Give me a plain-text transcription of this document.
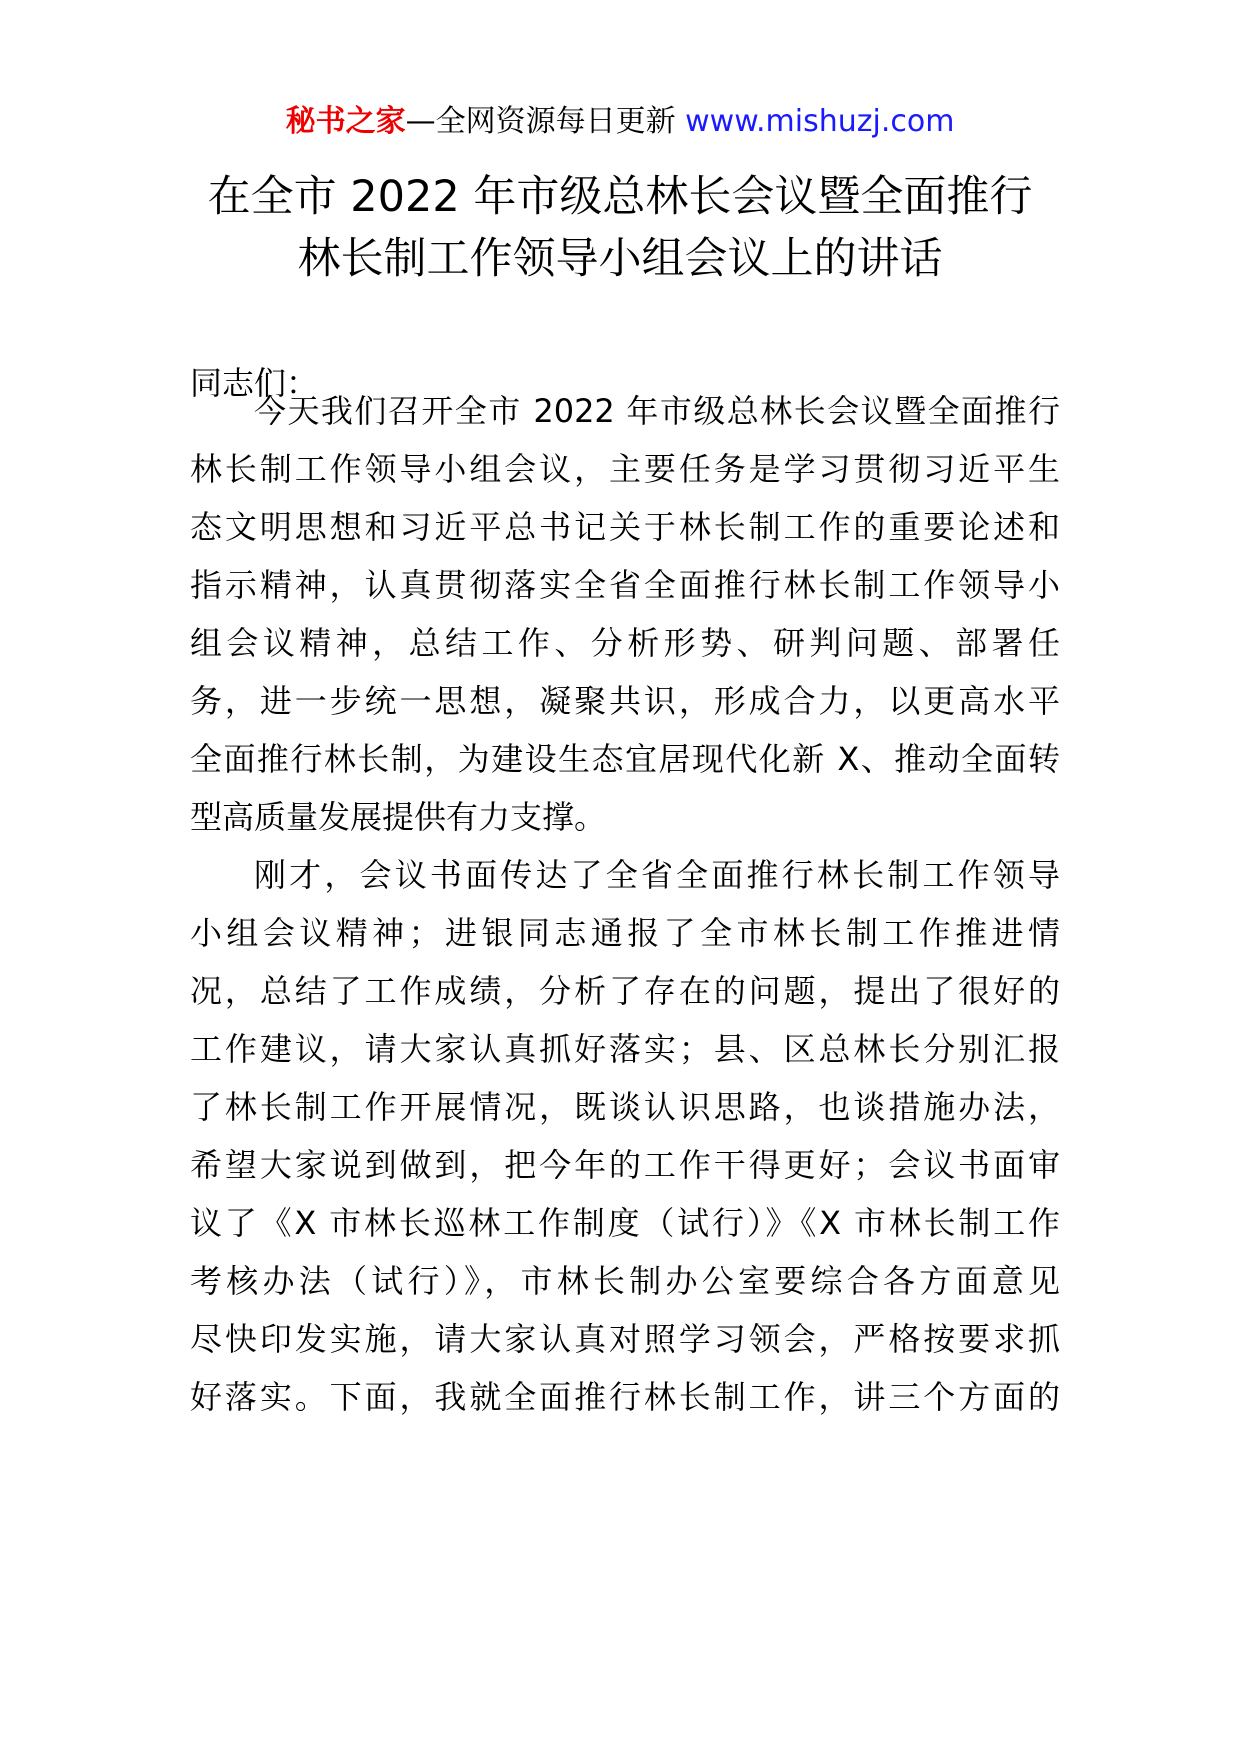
秘书之家—全网资源每日更新 www.mishuzj.com
在全市 2022 年市级总林长会议暨全面推行
林长制工作领导小组会议上的讲话
同志们：
今天我们召开全市 2022 年市级总林长会议暨全面推行
林长制工作领导小组会议，主要任务是学习贯彻习近平生
态文明思想和习近平总书记关于林长制工作的重要论述和
指示精神，认真贯彻落实全省全面推行林长制工作领导小
组会议精神，总结工作、分析形势、研判问题、部署任
务，进一步统一思想，凝聚共识，形成合力，以更高水平
全面推行林长制，为建设生态宜居现代化新 X、推动全面转
型高质量发展提供有力支撑。
刚才，会议书面传达了全省全面推行林长制工作领导
小组会议精神；进银同志通报了全市林长制工作推进情
况，总结了工作成绩，分析了存在的问题，提出了很好的
工作建议，请大家认真抓好落实；县、区总林长分别汇报
了林长制工作开展情况，既谈认识思路，也谈措施办法，
希望大家说到做到，把今年的工作干得更好；会议书面审
议了《X 市林长巡林工作制度（试行）》《X 市林长制工作
考核办法（试行）》，市林长制办公室要综合各方面意见
尽快印发实施，请大家认真对照学习领会，严格按要求抓
好落实。下面，我就全面推行林长制工作，讲三个方面的
